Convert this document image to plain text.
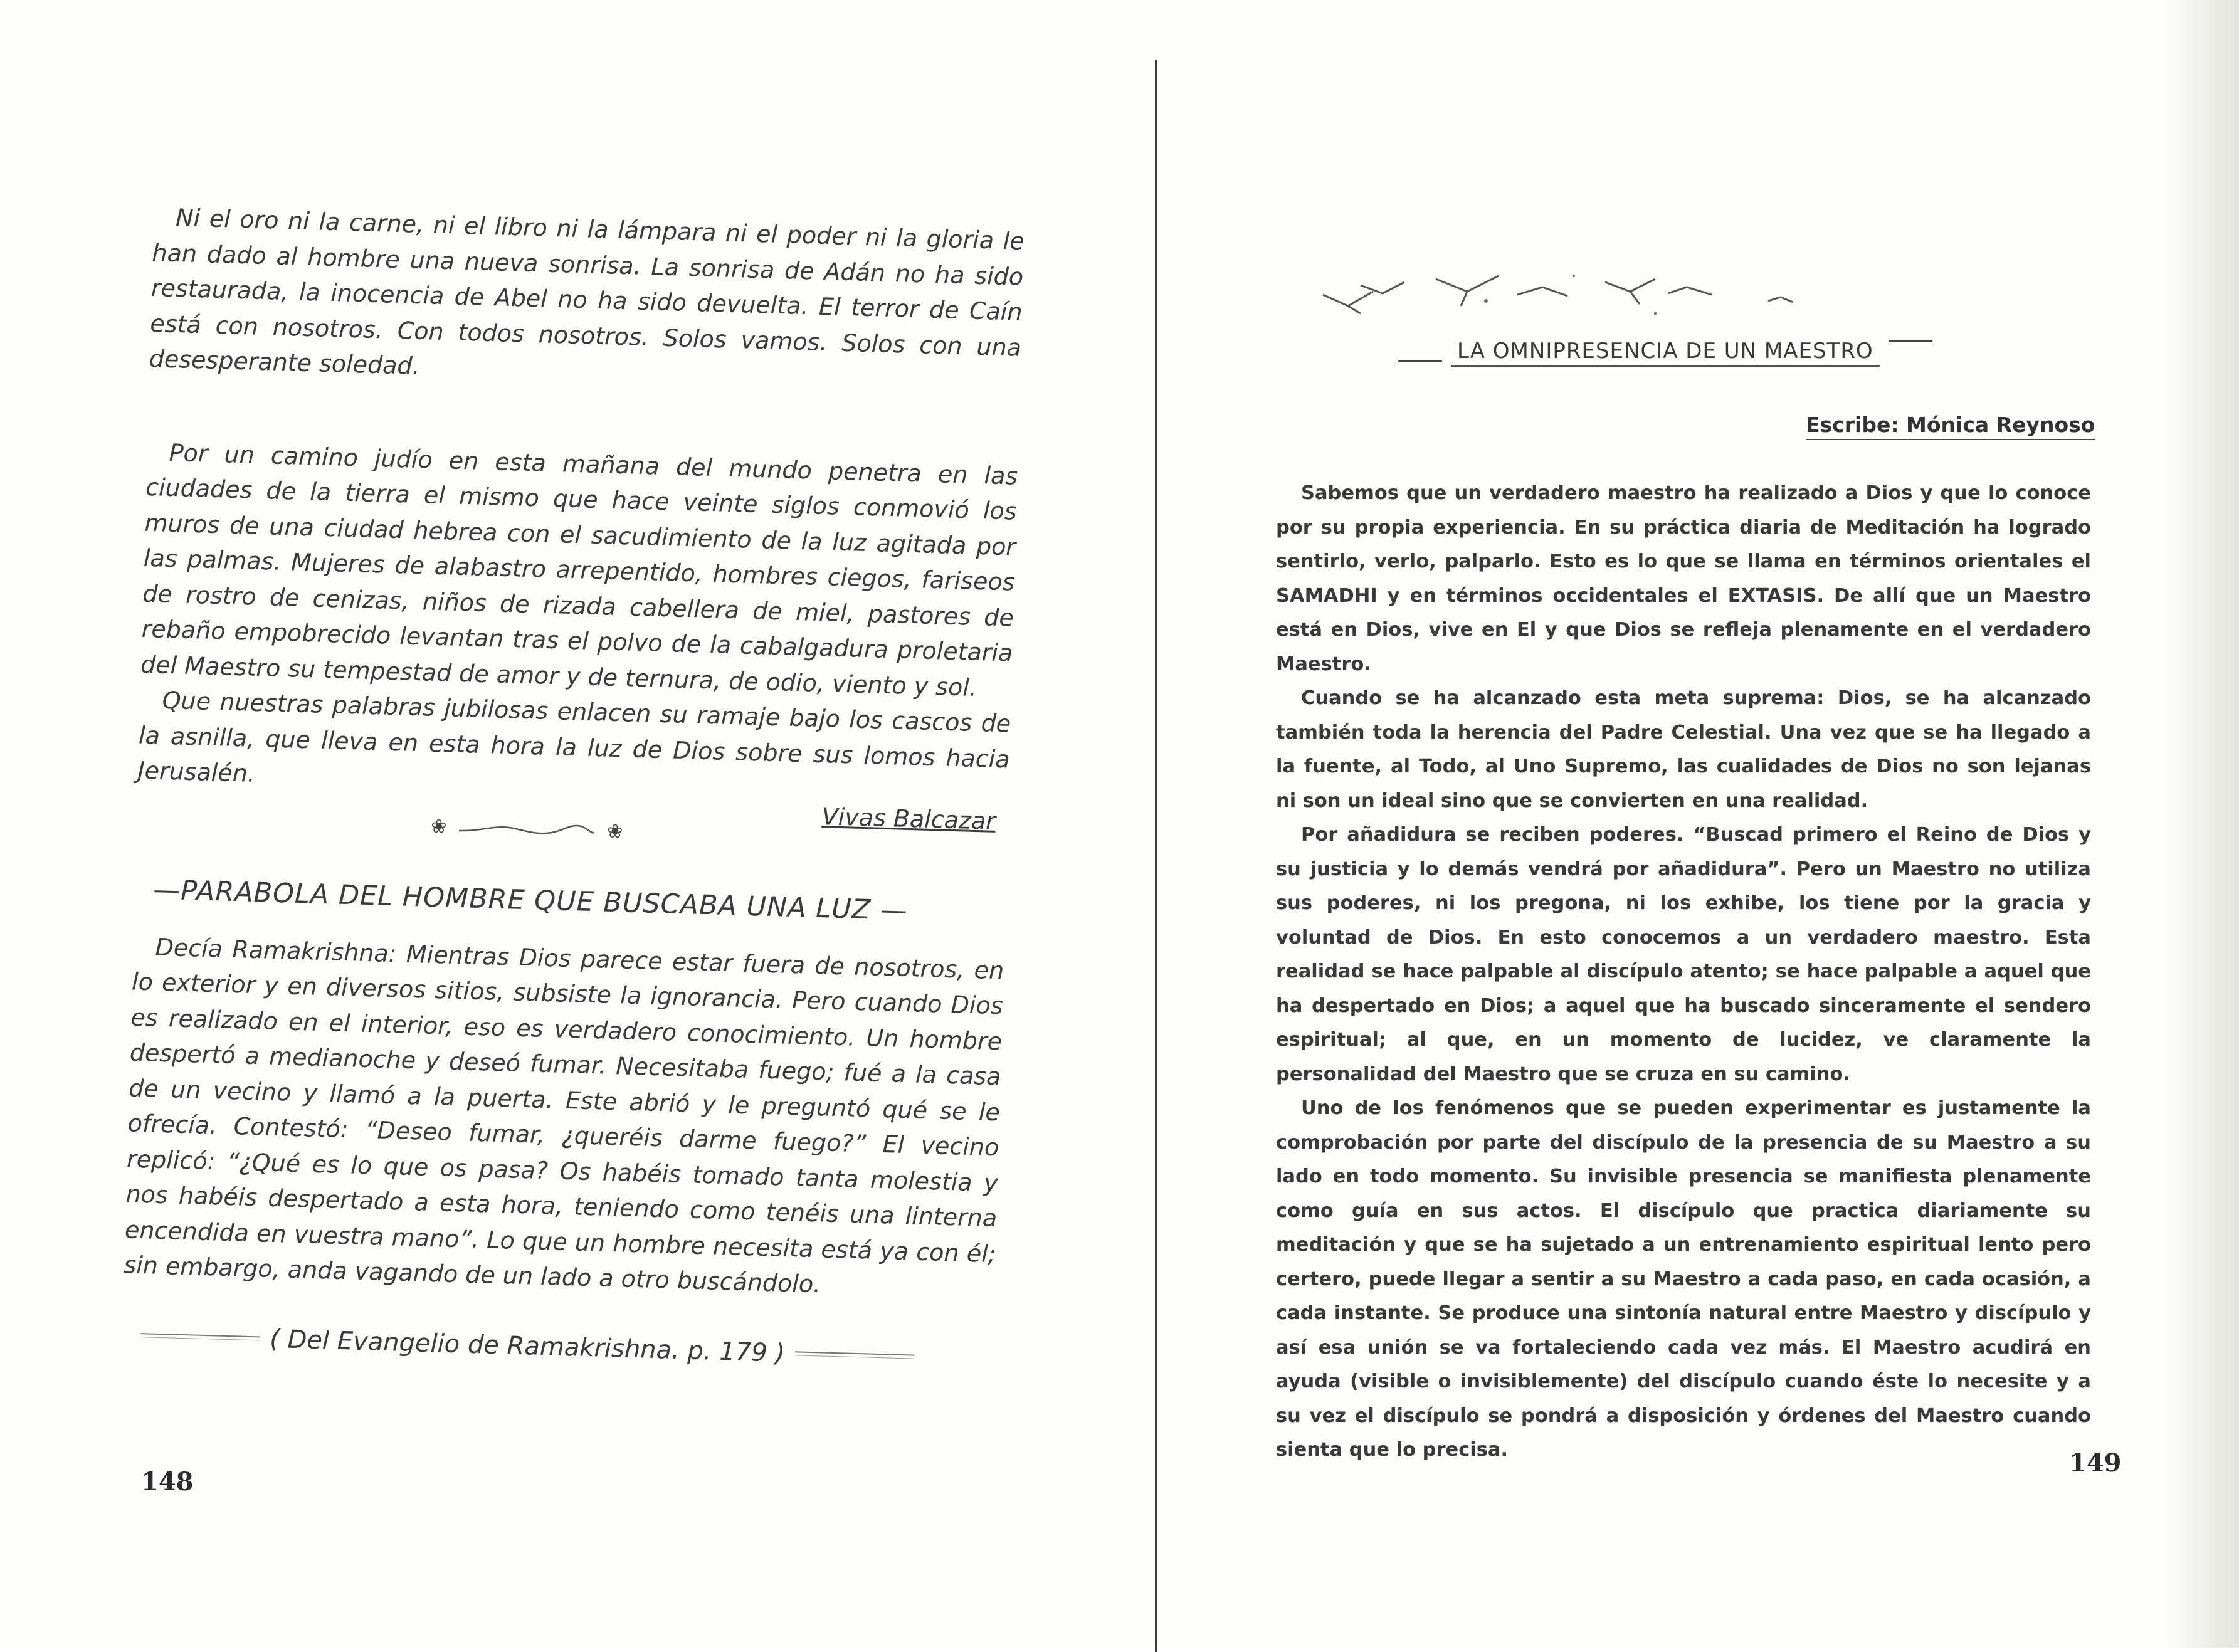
Ni el oro ni la carne, ni el libro ni la lámpara ni el poder ni la gloria le han dado al hombre una nueva sonrisa. La sonrisa de Adán no ha sido restaurada, la inocencia de Abel no ha sido devuelta. El terror de Caín está con nosotros. Con todos nosotros. Solos vamos. Solos con una desesperante soledad.

Por un camino judío en esta mañana del mundo penetra en las ciudades de la tierra el mismo que hace veinte siglos conmovió los muros de una ciudad hebrea con el sacudimiento de la luz agitada por las palmas. Mujeres de alabastro arrepentido, hombres ciegos, fariseos de rostro de cenizas, niños de rizada cabellera de miel, pastores de rebaño empobrecido levantan tras el polvo de la cabalgadura proletaria del Maestro su tempestad de amor y de ternura, de odio, viento y sol.

Que nuestras palabras jubilosas enlacen su ramaje bajo los cascos de la asnilla, que lleva en esta hora la luz de Dios sobre sus lomos hacia Jerusalén.

Vivas Balcazar
❀	❀
—PARABOLA DEL HOMBRE QUE BUSCABA UNA LUZ —

Decía Ramakrishna: Mientras Dios parece estar fuera de nosotros, en lo exterior y en diversos sitios, subsiste la ignorancia. Pero cuando Dios es realizado en el interior, eso es verdadero conocimiento. Un hombre despertó a medianoche y deseó fumar. Necesitaba fuego; fué a la casa de un vecino y llamó a la puerta. Este abrió y le preguntó qué se le ofrecía. Contestó: “Deseo fumar, ¿queréis darme fuego?” El vecino replicó: “¿Qué es lo que os pasa? Os habéis tomado tanta molestia y nos habéis despertado a esta hora, teniendo como tenéis una linterna encendida en vuestra mano”. Lo que un hombre necesita está ya con él; sin embargo, anda vagando de un lado a otro buscándolo.

( Del Evangelio de Ramakrishna. p. 179 )
148
LA OMNIPRESENCIA DE UN MAESTRO
Escribe: Mónica Reynoso

Sabemos que un verdadero maestro ha realizado a Dios y que lo conoce por su propia experiencia. En su práctica diaria de Meditación ha logrado sentirlo, verlo, palparlo. Esto es lo que se llama en términos orientales el SAMADHI y en términos occidentales el EXTASIS. De allí que un Maestro está en Dios, vive en El y que Dios se refleja plenamente en el verdadero Maestro.

Cuando se ha alcanzado esta meta suprema: Dios, se ha alcanzado también toda la herencia del Padre Celestial. Una vez que se ha llegado a la fuente, al Todo, al Uno Supremo, las cualidades de Dios no son lejanas ni son un ideal sino que se convierten en una realidad.

Por añadidura se reciben poderes. “Buscad primero el Reino de Dios y su justicia y lo demás vendrá por añadidura”. Pero un Maestro no utiliza sus poderes, ni los pregona, ni los exhibe, los tiene por la gracia y voluntad de Dios. En esto conocemos a un verdadero maestro. Esta realidad se hace palpable al discípulo atento; se hace palpable a aquel que ha despertado en Dios; a aquel que ha buscado sinceramente el sendero espiritual; al que, en un momento de lucidez, ve claramente la personalidad del Maestro que se cruza en su camino.

Uno de los fenómenos que se pueden experimentar es justamente la comprobación por parte del discípulo de la presencia de su Maestro a su lado en todo momento. Su invisible presencia se manifiesta plenamente como guía en sus actos. El discípulo que practica diariamente su meditación y que se ha sujetado a un entrenamiento espiritual lento pero certero, puede llegar a sentir a su Maestro a cada paso, en cada ocasión, a cada instante. Se produce una sintonía natural entre Maestro y discípulo y así esa unión se va fortaleciendo cada vez más. El Maestro acudirá en ayuda (visible o invisiblemente) del discípulo cuando éste lo necesite y a su vez el discípulo se pondrá a disposición y órdenes del Maestro cuando sienta que lo precisa.	149
